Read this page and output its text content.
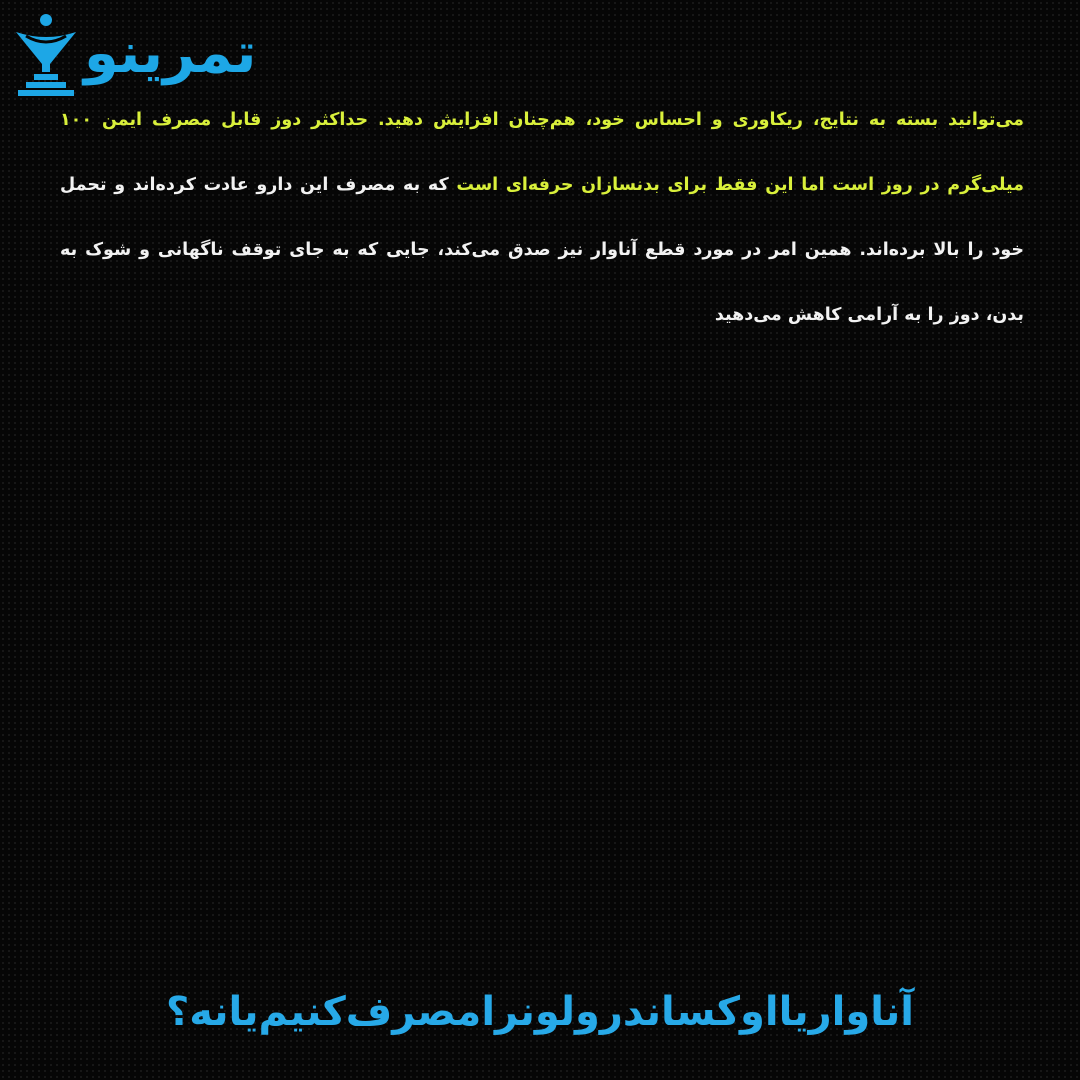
تمرینو

می‌توانید بسته به نتایج، ریکاوری و احساس خود، هم‌چنان افزایش دهید. حداکثر دوز قابل مصرف ایمن ۱۰۰ میلی‌گرم در روز است اما این فقط برای بدنسازان حرفه‌ای است که به مصرف این دارو عادت کرده‌اند و تحمل خود را بالا برده‌اند. همین امر در مورد قطع آناوار نیز صدق می‌کند، جایی که به جای توقف ناگهانی و شوک به بدن، دوز را به آرامی کاهش می‌دهید

آناواریااوکساندرولونرامصرف‌کنیم‌یانه؟
